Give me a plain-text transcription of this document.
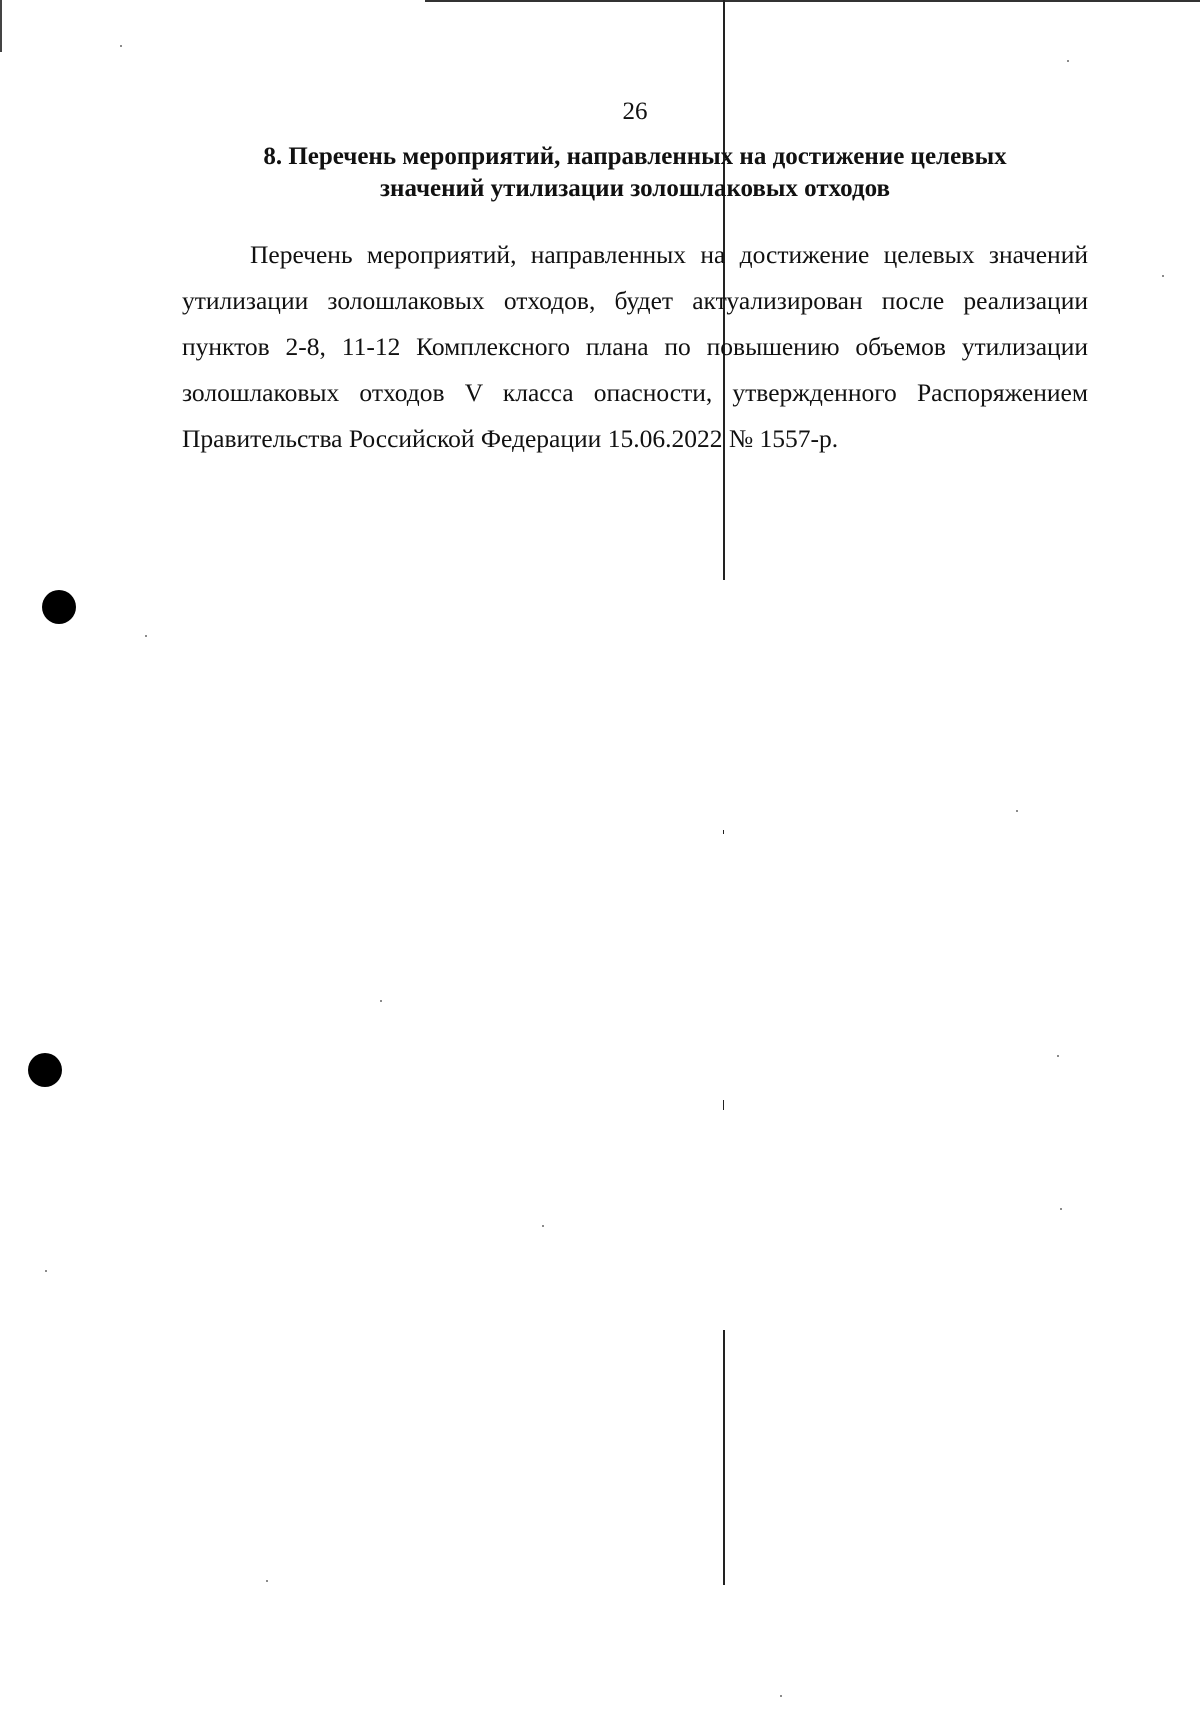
26
8. Перечень мероприятий, направленных на достижение целевых
значений утилизации золошлаковых отходов

Перечень мероприятий, направленных на достижение целевых значений утилизации золошлаковых отходов, будет актуализирован после реализации пунктов 2-8, 11-12 Комплексного плана по повышению объемов утилизации золошлаковых отходов V класса опасности, утвержденного Распоряжением Правительства Российской Федерации 15.06.2022 № 1557-р.
